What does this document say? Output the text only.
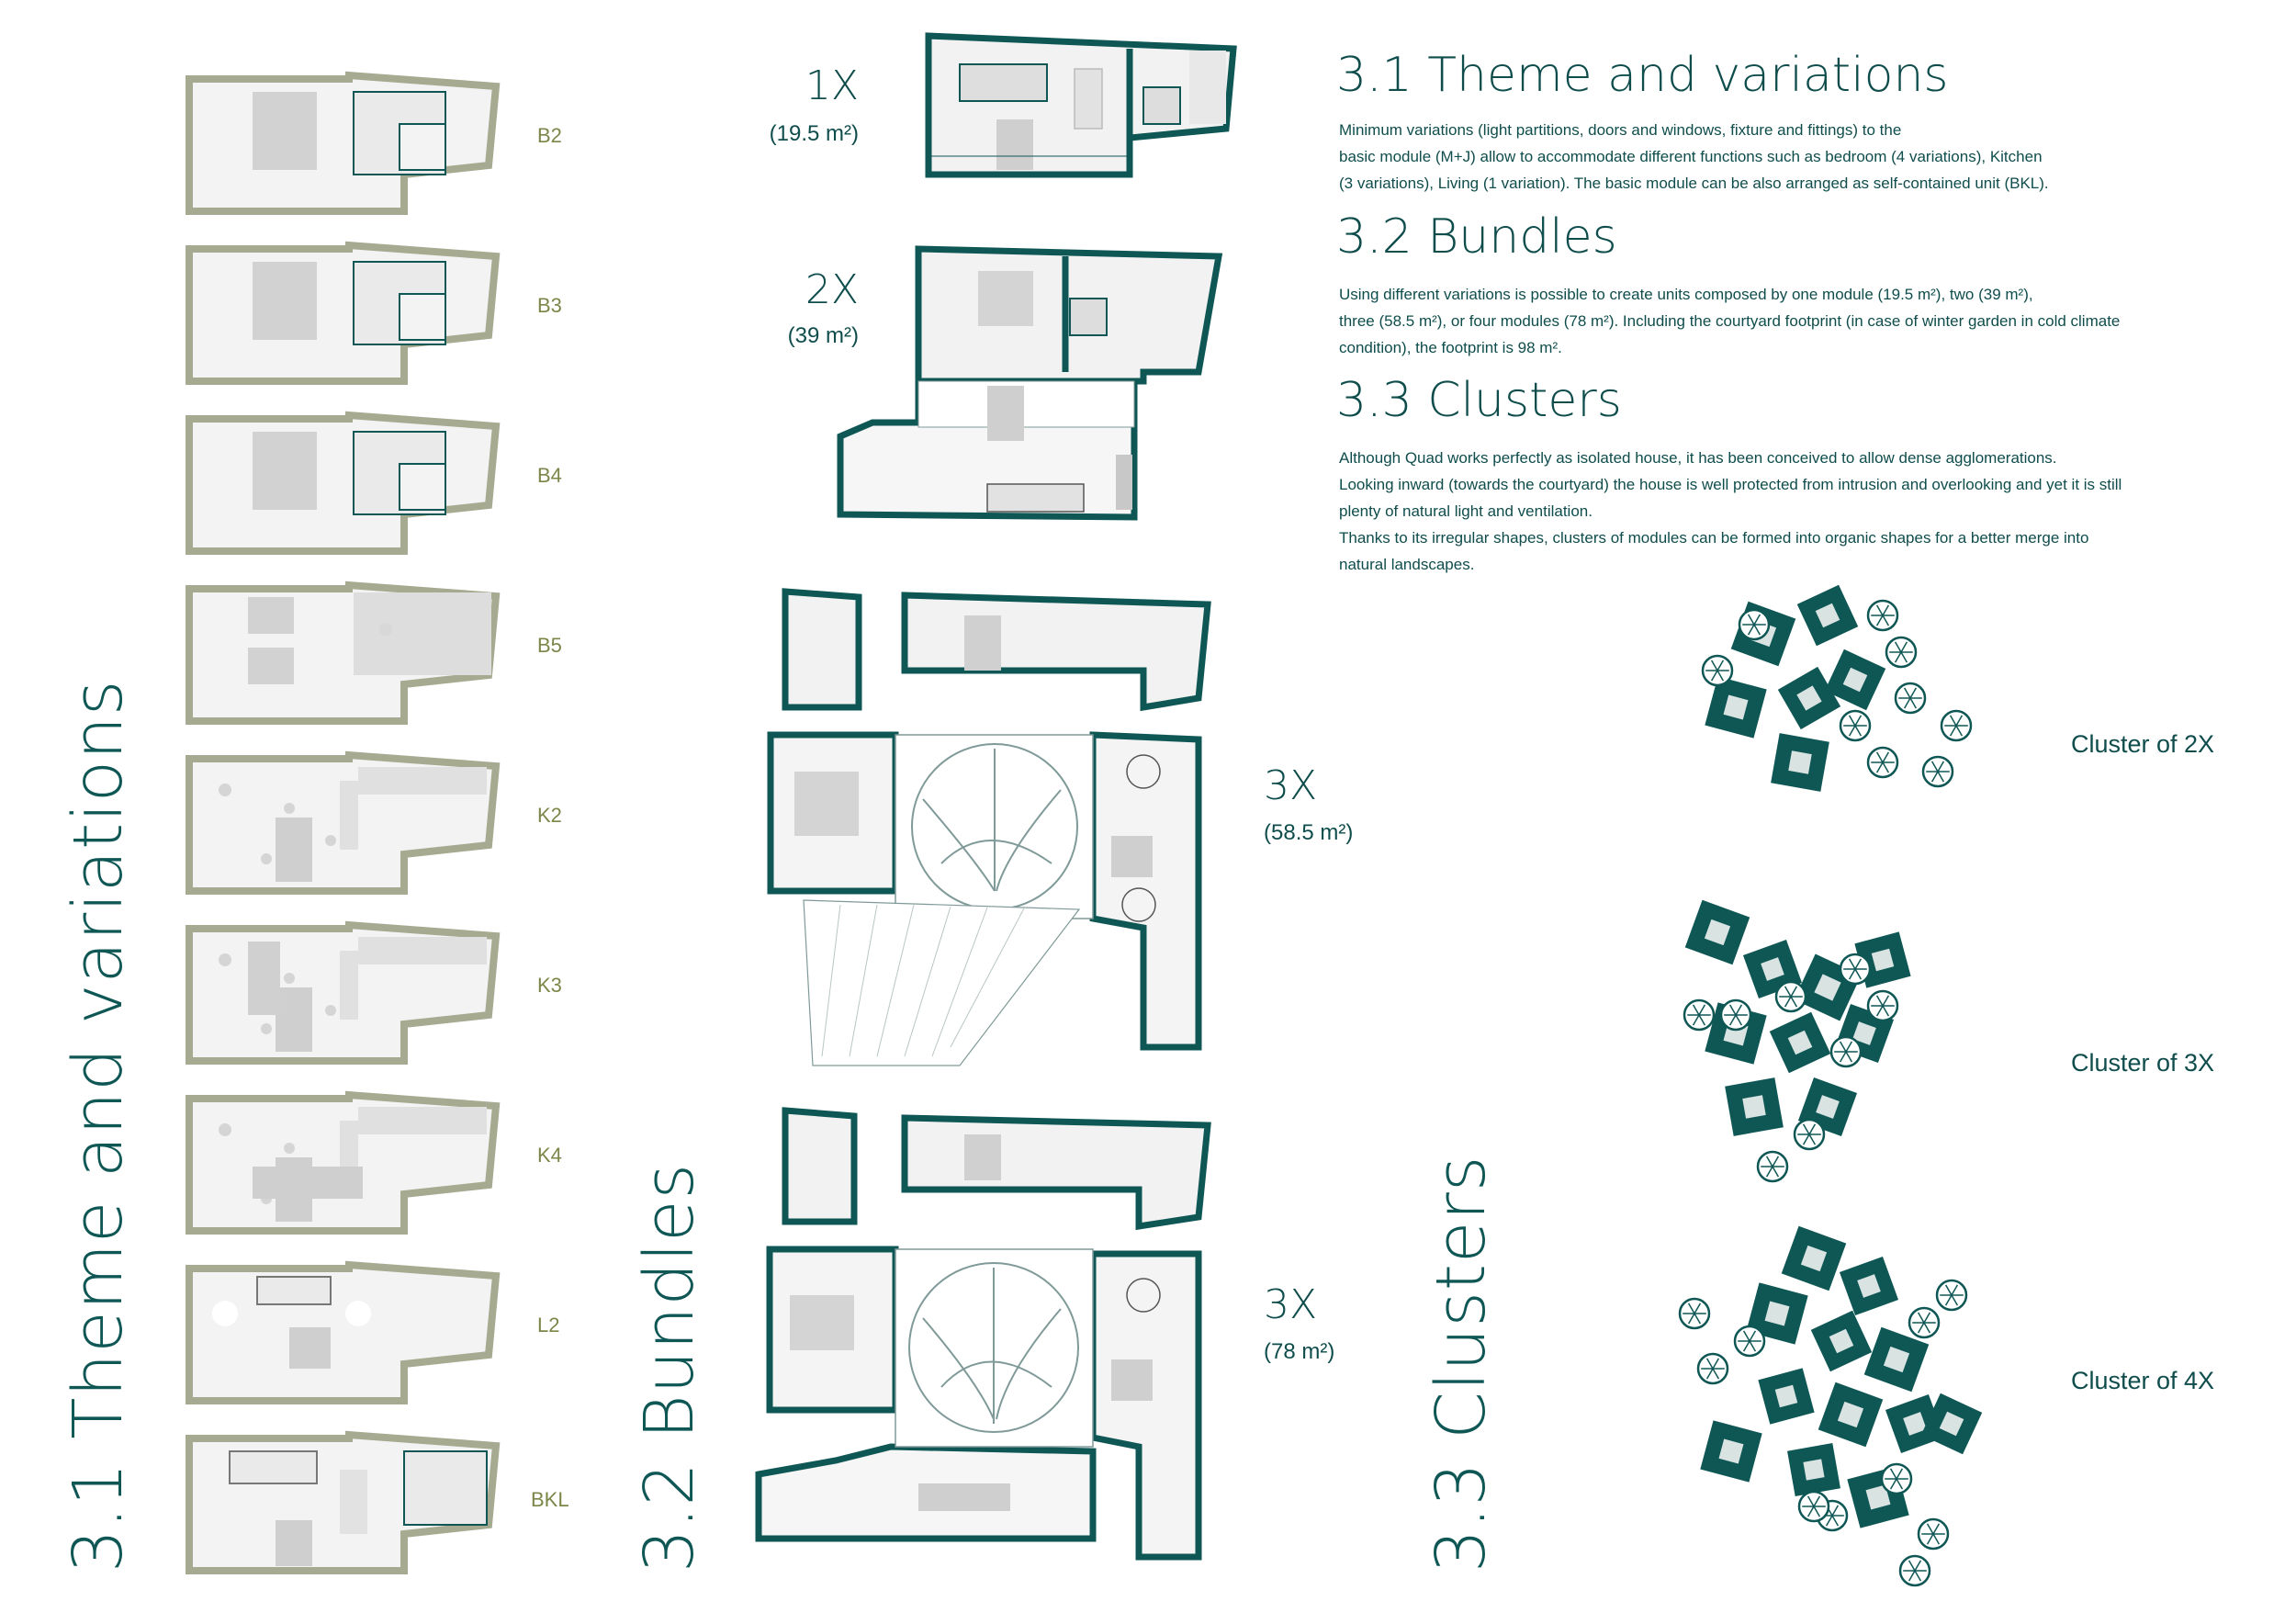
3.1 Theme and variations	3.2 Bundles	3.3 Clusters
B2
B3
B4
B5
K2
K3
K4
L2
BKL
1X
(19.5 m²)
2X
(39 m²)
3X
(58.5 m²)
3X
(78 m²)
3.1 Theme and variations
Minimum variations (light partitions, doors and windows, fixture and fittings) to the
basic module (M+J) allow to accommodate different functions such as bedroom (4 variations), Kitchen
(3 variations), Living (1 variation). The basic module can be also arranged as self-contained unit (BKL).
3.2 Bundles
Using different variations is possible to create units composed by one module (19.5 m²), two (39 m²),
three (58.5 m²), or four modules (78 m²). Including the courtyard footprint (in case of winter garden in cold climate
condition), the footprint is 98 m².
3.3 Clusters
Although Quad works perfectly as isolated house, it has been conceived to allow dense agglomerations.
Looking inward (towards the courtyard) the house is well protected from intrusion and overlooking and yet it is still
plenty of natural light and ventilation.
Thanks to its irregular shapes, clusters of modules can be formed into organic shapes for a better merge into
natural landscapes.
Cluster of 2X
Cluster of 3X
Cluster of 4X
